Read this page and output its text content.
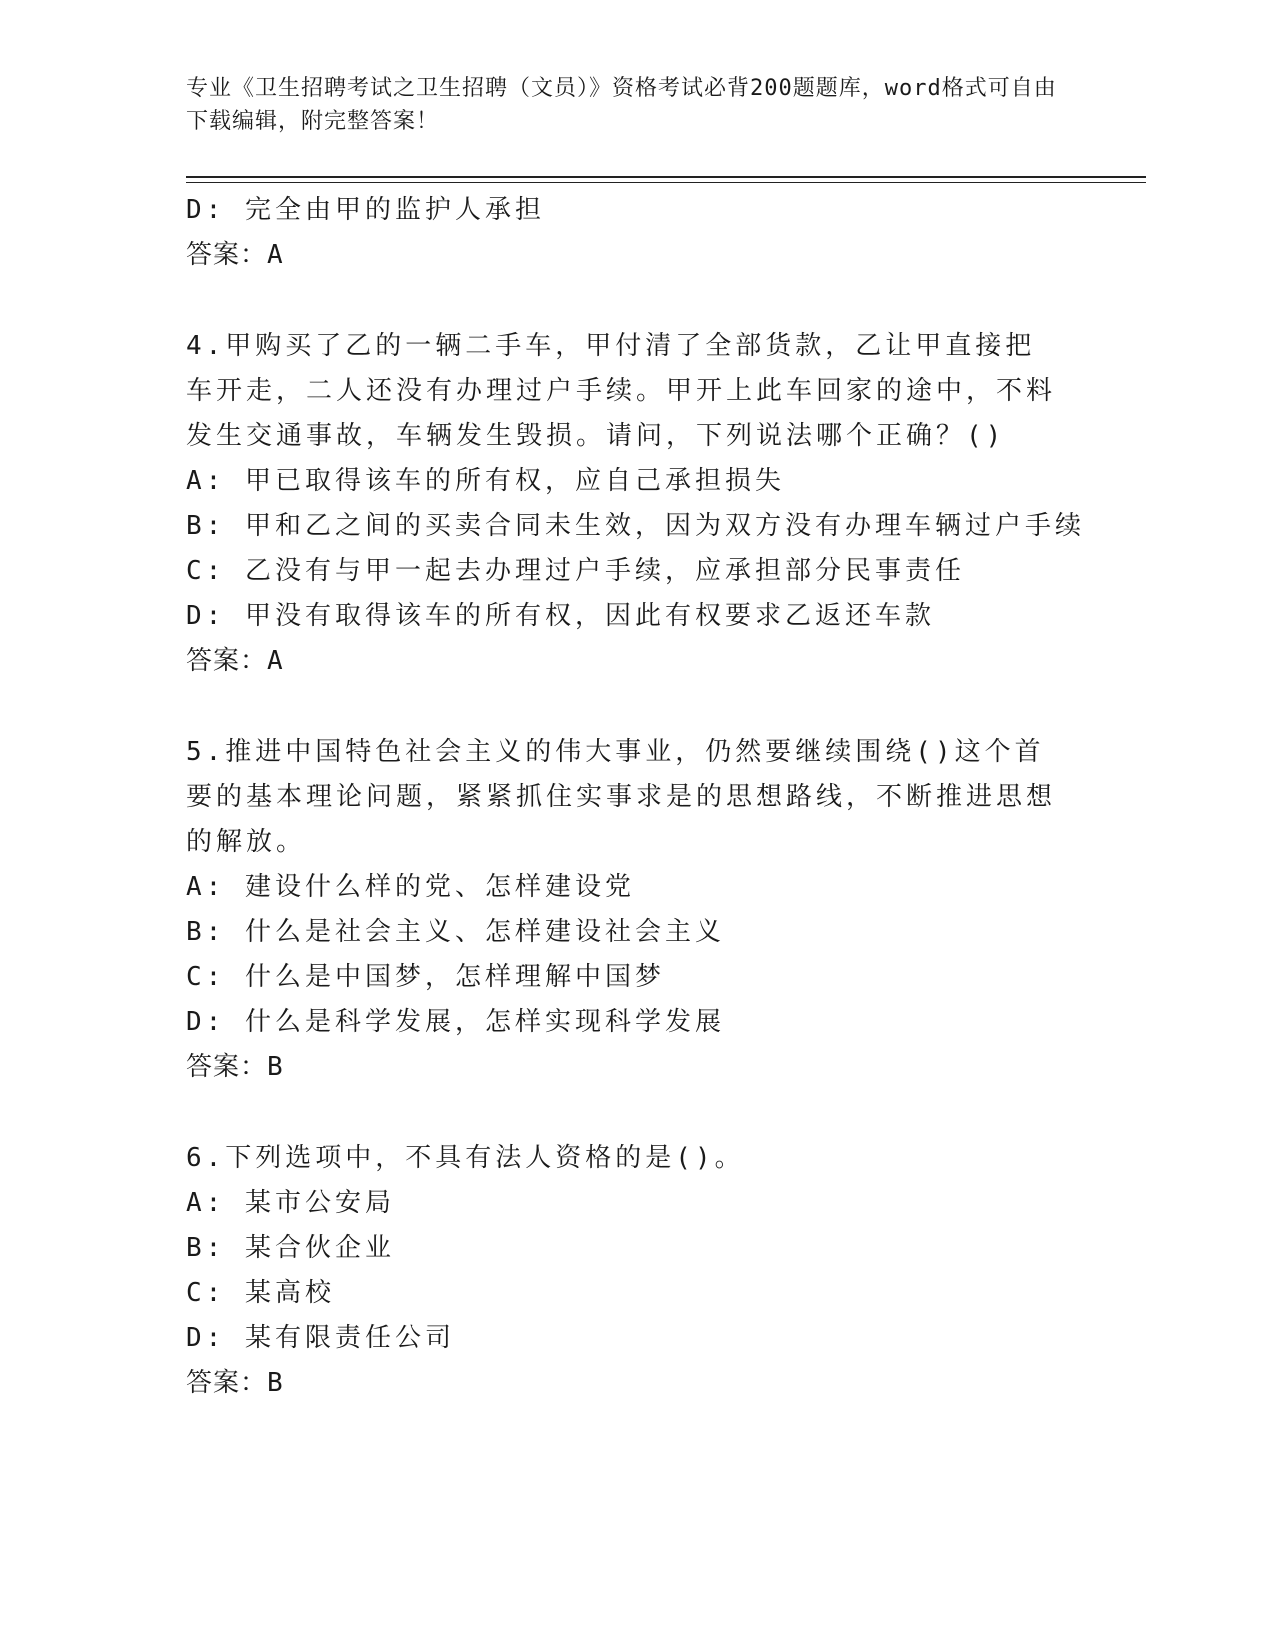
专业《卫生招聘考试之卫生招聘（文员）》资格考试必背200题题库，word格式可自由下载编辑，附完整答案！
D: 完全由甲的监护人承担
答案：A
4.甲购买了乙的一辆二手车，甲付清了全部货款，乙让甲直接把车开走，二人还没有办理过户手续。甲开上此车回家的途中，不料发生交通事故，车辆发生毁损。请问，下列说法哪个正确？()
A: 甲已取得该车的所有权，应自己承担损失
B: 甲和乙之间的买卖合同未生效，因为双方没有办理车辆过户手续
C: 乙没有与甲一起去办理过户手续，应承担部分民事责任
D: 甲没有取得该车的所有权，因此有权要求乙返还车款
答案：A
5.推进中国特色社会主义的伟大事业，仍然要继续围绕()这个首要的基本理论问题，紧紧抓住实事求是的思想路线，不断推进思想的解放。
A: 建设什么样的党、怎样建设党
B: 什么是社会主义、怎样建设社会主义
C: 什么是中国梦，怎样理解中国梦
D: 什么是科学发展，怎样实现科学发展
答案：B
6.下列选项中，不具有法人资格的是()。
A: 某市公安局
B: 某合伙企业
C: 某高校
D: 某有限责任公司
答案：B
